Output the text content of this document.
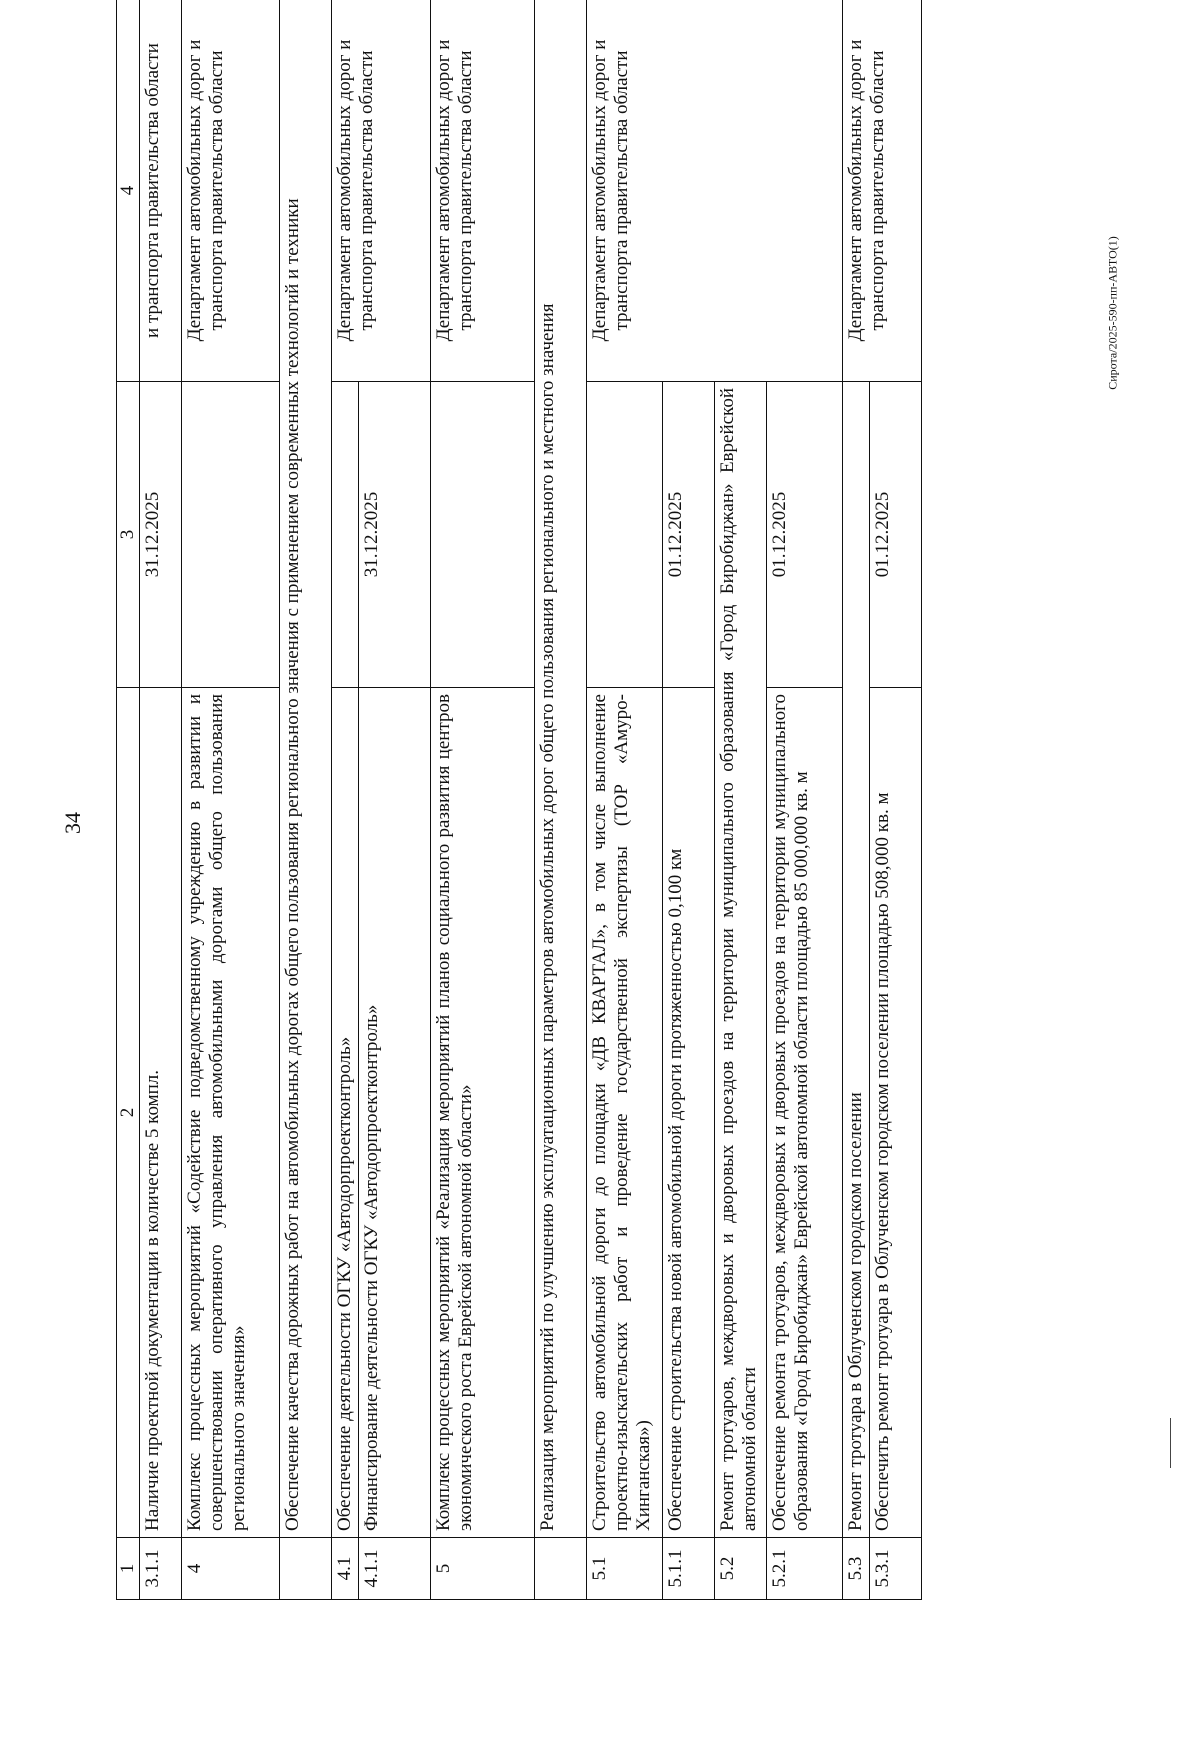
34
Сирота/2025-590-пп-АВТО(1)
1	2	3	4
3.1.1	Наличие проектной документации в количестве 5 компл.	31.12.2025	и транспорта правительства области
4	Комплекс процессных мероприятий «Содействие подведомственному учреждению в развитии и совершенствовании оперативного управления автомобильными дорогами общего пользования регионального значения»		Департамент автомобильных дорог и транспорта правительства области
	Обеспечение качества дорожных работ на автомобильных дорогах общего пользования регионального значения с применением современных технологий и техники		
4.1	Обеспечение деятельности ОГКУ «Автодорпроектконтроль»		Департамент автомобильных дорог и транспорта правительства области
4.1.1	Финансирование деятельности ОГКУ «Автодорпроектконтроль»	31.12.2025	
5	Комплекс процессных мероприятий «Реализация мероприятий планов социального развития центров экономического роста Еврейской автономной области»		Департамент автомобильных дорог и транспорта правительства области
	Реализация мероприятий по улучшению эксплуатационных параметров автомобильных дорог общего пользования регионального и местного значения		
5.1	Строительство автомобильной дороги до площадки «ДВ КВАРТАЛ», в том числе выполнение проектно-изыскательских работ и проведение государственной экспертизы (ТОР «Амуро-Хинганская»)		Департамент автомобильных дорог и транспорта правительства области
5.1.1	Обеспечение строительства новой автомобильной дороги протяженностью 0,100 км	01.12.2025	
5.2	Ремонт тротуаров, междворовых и дворовых проездов на территории муниципального образования «Город Биробиджан» Еврейской автономной области		
5.2.1	Обеспечение ремонта тротуаров, междворовых и дворовых проездов на территории муниципального образования «Город Биробиджан» Еврейской автономной области площадью 85 000,000 кв. м	01.12.2025	
5.3	Ремонт тротуара в Облученском городском поселении		Департамент автомобильных дорог и транспорта правительства области
5.3.1	Обеспечить ремонт тротуара в Облученском городском поселении площадью 508,000 кв. м	01.12.2025	
